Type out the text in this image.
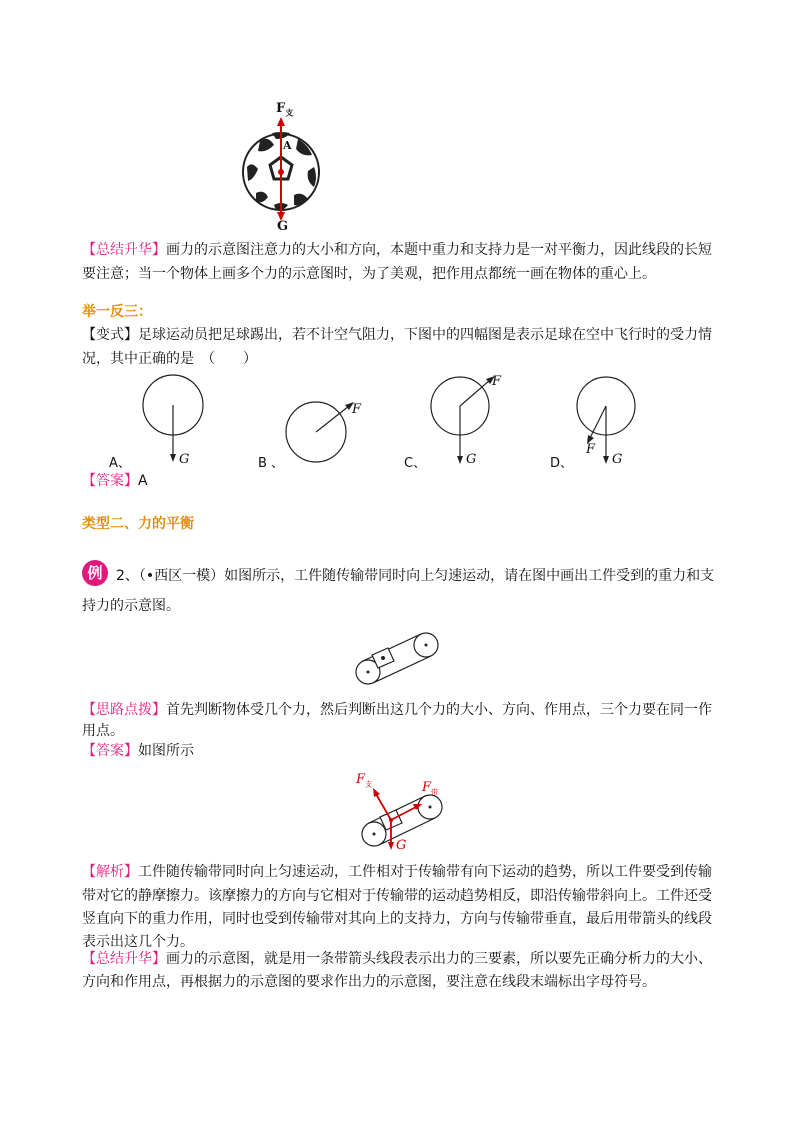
$F_支$
A
G
【总结升华】画力的示意图注意力的大小和方向，本题中重力和支持力是一对平衡力，因此线段的长短
要注意；当一个物体上画多个力的示意图时，为了美观，把作用点都统一画在物体的重心上。
举一反三：
【变式】足球运动员把足球踢出，若不计空气阻力，下图中的四幅图是表示足球在空中飞行时的受力情
况，其中正确的是　（　　）
A、	G	B 、
F
C、	G
F
D、	G
F
【答案】A
类型二、力的平衡
例 2、（•西区一模）如图所示，工件随传输带同时向上匀速运动，请在图中画出工件受到的重力和支
持力的示意图。
【思路点拨】首先判断物体受几个力，然后判断出这几个力的大小、方向、作用点，三个力要在同一作
用点。
【答案】如图所示
$F_支$	$F_带$
G
【解析】工件随传输带同时向上匀速运动，工件相对于传输带有向下运动的趋势，所以工件要受到传输
带对它的静摩擦力。该摩擦力的方向与它相对于传输带的运动趋势相反，即沿传输带斜向上。工件还受
竖直向下的重力作用，同时也受到传输带对其向上的支持力，方向与传输带垂直，最后用带箭头的线段
表示出这几个力。
【总结升华】画力的示意图，就是用一条带箭头线段表示出力的三要素，所以要先正确分析力的大小、
方向和作用点，再根据力的示意图的要求作出力的示意图，要注意在线段末端标出字母符号。
